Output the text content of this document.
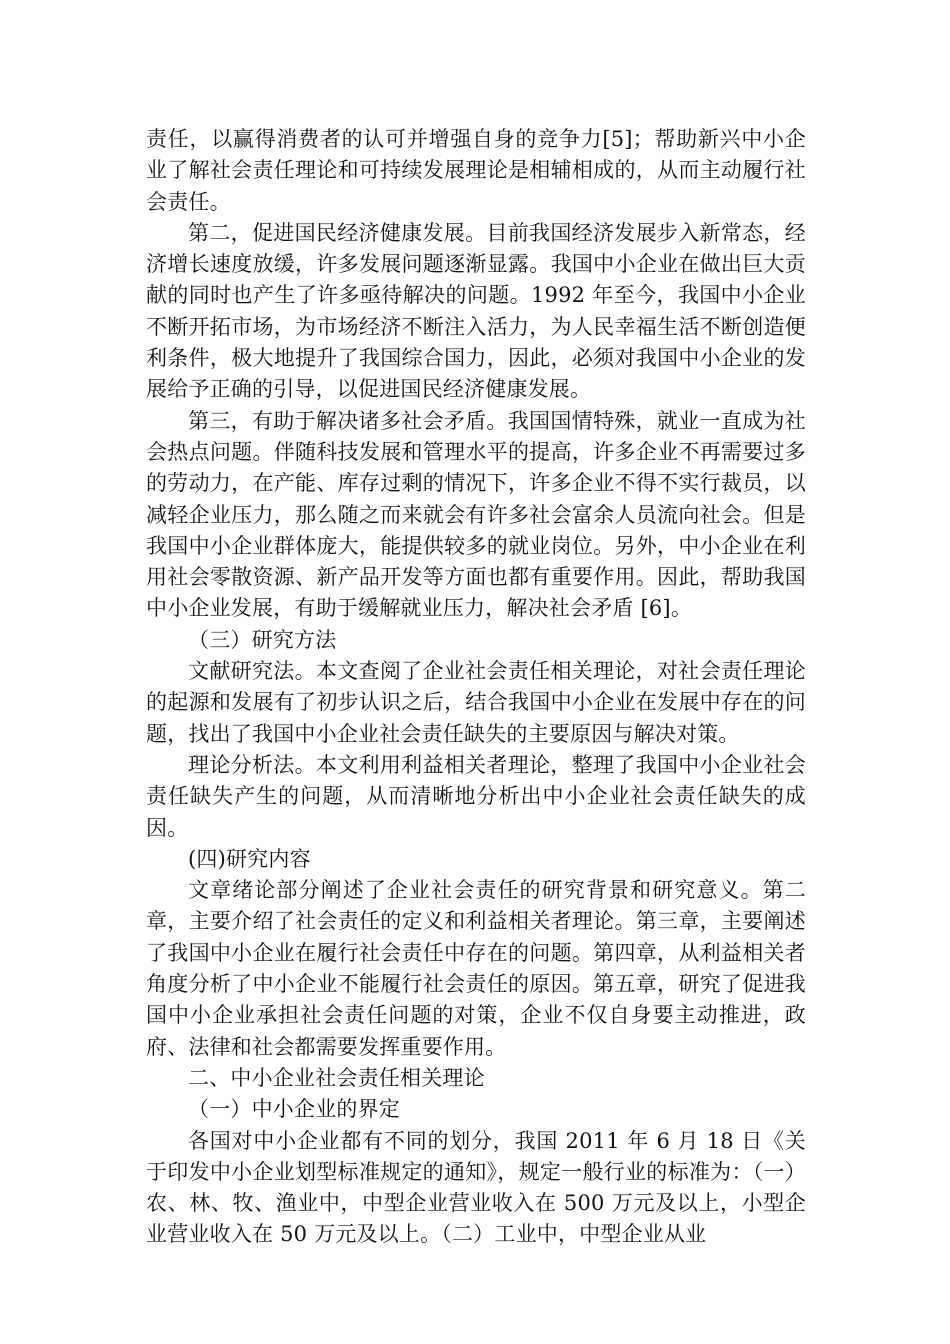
责任，以赢得消费者的认可并增强自身的竞争力[5]；帮助新兴中小企业了解社会责任理论和可持续发展理论是相辅相成的，从而主动履行社会责任。

第二，促进国民经济健康发展。目前我国经济发展步入新常态，经济增长速度放缓，许多发展问题逐渐显露。我国中小企业在做出巨大贡献的同时也产生了许多亟待解决的问题。1992 年至今，我国中小企业不断开拓市场，为市场经济不断注入活力，为人民幸福生活不断创造便利条件，极大地提升了我国综合国力，因此，必须对我国中小企业的发展给予正确的引导，以促进国民经济健康发展。

第三，有助于解决诸多社会矛盾。我国国情特殊，就业一直成为社会热点问题。伴随科技发展和管理水平的提高，许多企业不再需要过多的劳动力，在产能、库存过剩的情况下，许多企业不得不实行裁员，以减轻企业压力，那么随之而来就会有许多社会富余人员流向社会。但是我国中小企业群体庞大，能提供较多的就业岗位。另外，中小企业在利用社会零散资源、新产品开发等方面也都有重要作用。因此，帮助我国中小企业发展，有助于缓解就业压力，解决社会矛盾 [6]。

（三）研究方法

文献研究法。本文查阅了企业社会责任相关理论，对社会责任理论的起源和发展有了初步认识之后，结合我国中小企业在发展中存在的问题，找出了我国中小企业社会责任缺失的主要原因与解决对策。

理论分析法。本文利用利益相关者理论，整理了我国中小企业社会责任缺失产生的问题，从而清晰地分析出中小企业社会责任缺失的成因。

(四)研究内容

文章绪论部分阐述了企业社会责任的研究背景和研究意义。第二章，主要介绍了社会责任的定义和利益相关者理论。第三章，主要阐述了我国中小企业在履行社会责任中存在的问题。第四章，从利益相关者角度分析了中小企业不能履行社会责任的原因。第五章，研究了促进我国中小企业承担社会责任问题的对策，企业不仅自身要主动推进，政府、法律和社会都需要发挥重要作用。

二、中小企业社会责任相关理论

（一）中小企业的界定

各国对中小企业都有不同的划分，我国 2011 年 6 月 18 日《关于印发中小企业划型标准规定的通知》，规定一般行业的标准为：（一）农、林、牧、渔业中，中型企业营业收入在 500 万元及以上，小型企业营业收入在 50 万元及以上。（二）工业中，中型企业从业
